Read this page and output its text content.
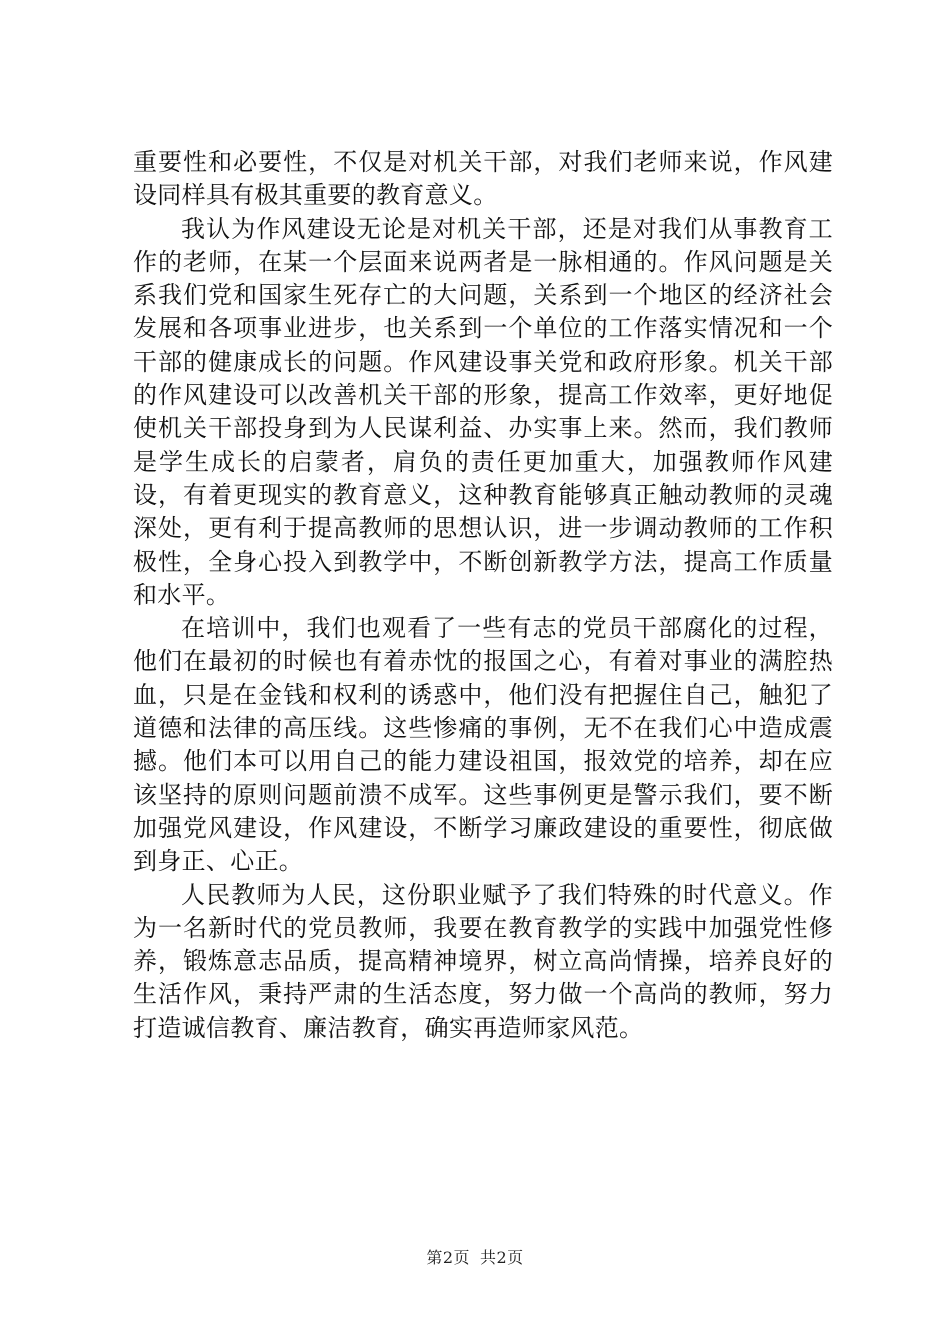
重要性和必要性，不仅是对机关干部，对我们老师来说，作风建设同样具有极其重要的教育意义。

我认为作风建设无论是对机关干部，还是对我们从事教育工作的老师，在某一个层面来说两者是一脉相通的。作风问题是关系我们党和国家生死存亡的大问题，关系到一个地区的经济社会发展和各项事业进步，也关系到一个单位的工作落实情况和一个干部的健康成长的问题。作风建设事关党和政府形象。机关干部的作风建设可以改善机关干部的形象，提高工作效率，更好地促使机关干部投身到为人民谋利益、办实事上来。然而，我们教师是学生成长的启蒙者，肩负的责任更加重大，加强教师作风建设，有着更现实的教育意义，这种教育能够真正触动教师的灵魂深处，更有利于提高教师的思想认识，进一步调动教师的工作积极性，全身心投入到教学中，不断创新教学方法，提高工作质量和水平。

在培训中，我们也观看了一些有志的党员干部腐化的过程，他们在最初的时候也有着赤忱的报国之心，有着对事业的满腔热血，只是在金钱和权利的诱惑中，他们没有把握住自己，触犯了道德和法律的高压线。这些惨痛的事例，无不在我们心中造成震撼。他们本可以用自己的能力建设祖国，报效党的培养，却在应该坚持的原则问题前溃不成军。这些事例更是警示我们，要不断加强党风建设，作风建设，不断学习廉政建设的重要性，彻底做到身正、心正。

人民教师为人民，这份职业赋予了我们特殊的时代意义。作为一名新时代的党员教师，我要在教育教学的实践中加强党性修养，锻炼意志品质，提高精神境界，树立高尚情操，培养良好的生活作风，秉持严肃的生活态度，努力做一个高尚的教师，努力打造诚信教育、廉洁教育，确实再造师家风范。

第2页 共2页
